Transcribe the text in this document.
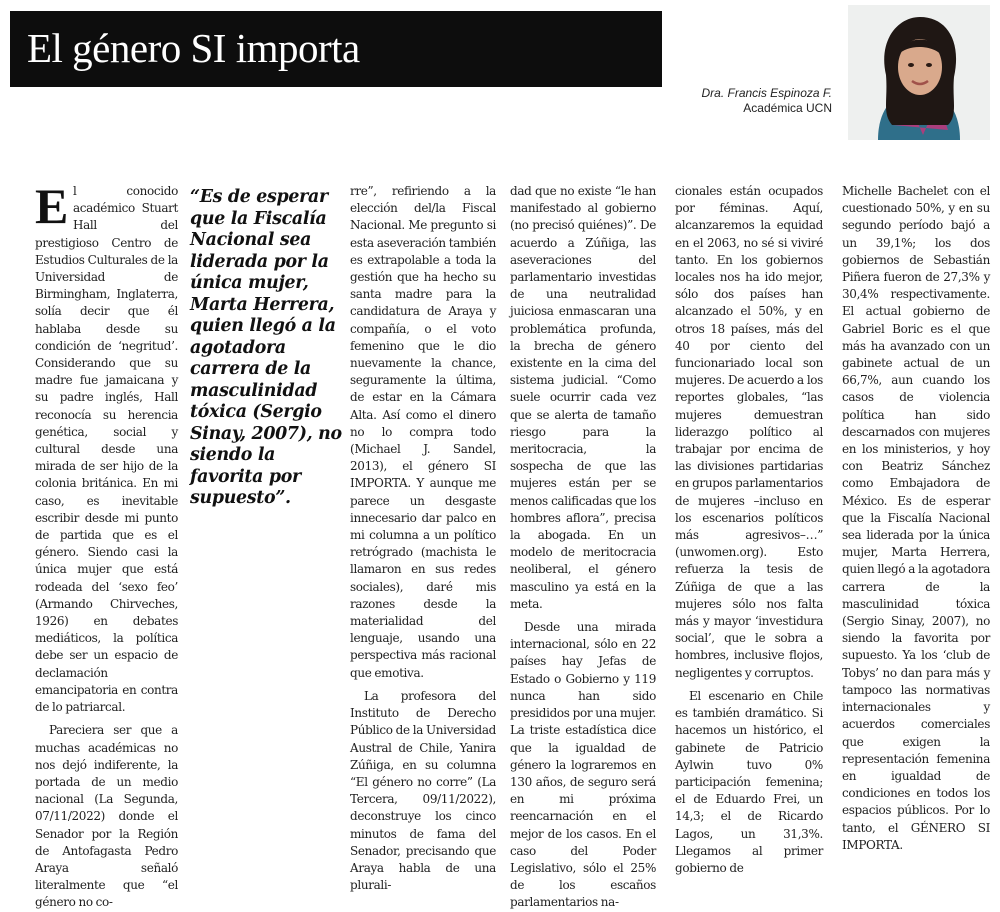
El género SI importa
Dra. Francis Espinoza F.
Académica UCN

El conocido académico Stuart Hall del prestigioso Centro de Estudios Culturales de la Universidad de Birmingham, Inglaterra, solía decir que él hablaba desde su condición de ‘negritud’. Considerando que su madre fue jamaicana y su padre inglés, Hall reconocía su herencia genética, social y cultural desde una mirada de ser hijo de la colonia británica. En mi caso, es inevitable escribir desde mi punto de partida que es el género. Siendo casi la única mujer que está rodeada del ‘sexo feo’ (Armando Chirveches, 1926) en debates mediáticos, la política debe ser un espacio de declamación emancipatoria en contra de lo patriarcal.

Pareciera ser que a muchas académicas no nos dejó indiferente, la portada de un medio nacional (La Segunda, 07/11/2022) donde el Senador por la Región de Antofagasta Pedro Araya señaló literalmente que “el género no co-

“Es de esperar que la Fiscalía Nacional sea liderada por la única mujer, Marta Herrera, quien llegó a la agotadora carrera de la masculinidad tóxica (Sergio Sinay, 2007), no siendo la favorita por supuesto”.

rre”, refiriendo a la elección del/la Fiscal Nacional. Me pregunto si esta aseveración también es extrapolable a toda la gestión que ha hecho su santa madre para la candidatura de Araya y compañía, o el voto femenino que le dio nuevamente la chance, seguramente la última, de estar en la Cámara Alta. Así como el dinero no lo compra todo (Michael J. Sandel, 2013), el género SI IMPORTA. Y aunque me parece un desgaste innecesario dar palco en mi columna a un político retrógrado (machista le llamaron en sus redes sociales), daré mis razones desde la materialidad del lenguaje, usando una perspectiva más racional que emotiva.

La profesora del Instituto de Derecho Público de la Universidad Austral de Chile, Yanira Zúñiga, en su columna “El género no corre” (La Tercera, 09/11/2022), deconstruye los cinco minutos de fama del Senador, precisando que Araya habla de una plurali-

dad que no existe “le han manifestado al gobierno (no precisó quiénes)”. De acuerdo a Zúñiga, las aseveraciones del parlamentario investidas de una neutralidad juiciosa enmascaran una problemática profunda, la brecha de género existente en la cima del sistema judicial. “Como suele ocurrir cada vez que se alerta de tamaño riesgo para la meritocracia, la sospecha de que las mujeres están per se menos calificadas que los hombres aflora”, precisa la abogada. En un modelo de meritocracia neoliberal, el género masculino ya está en la meta.

Desde una mirada internacional, sólo en 22 países hay Jefas de Estado o Gobierno y 119 nunca han sido presididos por una mujer. La triste estadística dice que la igualdad de género la lograremos en 130 años, de seguro será en mi próxima reencarnación en el mejor de los casos. En el caso del Poder Legislativo, sólo el 25% de los escaños parlamentarios na-

cionales están ocupados por féminas. Aquí, alcanzaremos la equidad en el 2063, no sé si viviré tanto. En los gobiernos locales nos ha ido mejor, sólo dos países han alcanzado el 50%, y en otros 18 países, más del 40 por ciento del funcionariado local son mujeres. De acuerdo a los reportes globales, “las mujeres demuestran liderazgo político al trabajar por encima de las divisiones partidarias en grupos parlamentarios de mujeres –incluso en los escenarios políticos más agresivos–…” (unwomen.org). Esto refuerza la tesis de Zúñiga de que a las mujeres sólo nos falta más y mayor ‘investidura social’, que le sobra a hombres, inclusive flojos, negligentes y corruptos.

El escenario en Chile es también dramático. Si hacemos un histórico, el gabinete de Patricio Aylwin tuvo 0% participación femenina; el de Eduardo Frei, un 14,3; el de Ricardo Lagos, un 31,3%. Llegamos al primer gobierno de

Michelle Bachelet con el cuestionado 50%, y en su segundo período bajó a un 39,1%; los dos gobiernos de Sebastián Piñera fueron de 27,3% y 30,4% respectivamente. El actual gobierno de Gabriel Boric es el que más ha avanzado con un gabinete actual de un 66,7%, aun cuando los casos de violencia política han sido descarnados con mujeres en los ministerios, y hoy con Beatriz Sánchez como Embajadora de México. Es de esperar que la Fiscalía Nacional sea liderada por la única mujer, Marta Herrera, quien llegó a la agotadora carrera de la masculinidad tóxica (Sergio Sinay, 2007), no siendo la favorita por supuesto. Ya los ‘club de Tobys’ no dan para más y tampoco las normativas internacionales y acuerdos comerciales que exigen la representación femenina en igualdad de condiciones en todos los espacios públicos. Por lo tanto, el GÉNERO SI IMPORTA.
